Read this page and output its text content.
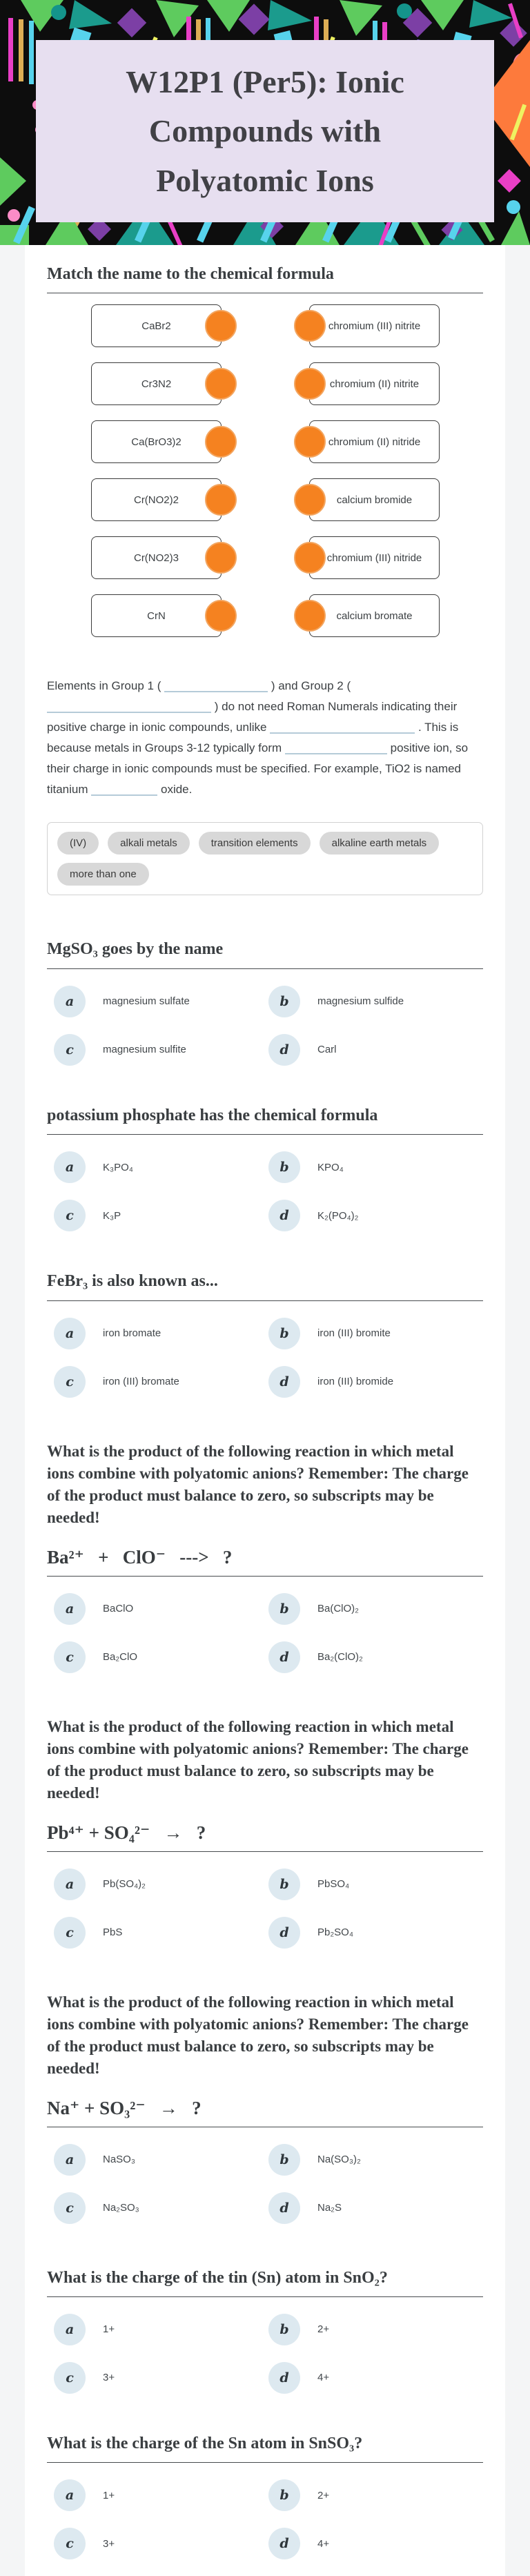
W12P1 (Per5): Ionic
Compounds with
Polyatomic Ions
Match the name to the chemical formula
CaBr2	chromium (III) nitrite
Cr3N2	chromium (II) nitrite
Ca(BrO3)2	chromium (II) nitride
Cr(NO2)2	calcium bromide
Cr(NO2)3	chromium (III) nitride
CrN	calcium bromate

Elements in Group 1 (	) and Group 2 (  ) do not need Roman Numerals indicating their positive charge in ionic compounds, unlike	. This is because metals in Groups 3-12 typically form	positive ion, so their charge in ionic compounds must be specified. For example, TiO2 is named titanium	oxide.

(IV)	alkali metals	transition elements	alkaline earth metals
more than one
MgSO₃ goes by the name
a	magnesium sulfate	b	magnesium sulfide
c	magnesium sulfite	d	Carl
potassium phosphate has the chemical formula
a	K₃PO₄	b	KPO₄
c	K₃P	d	K₂(PO₄)₂
FeBr₃ is also known as...
a	iron bromate	b	iron (III) bromite
c	iron (III) bromate	d	iron (III) bromide

What is the product of the following reaction in which metal ions combine with polyatomic anions? Remember: The charge of the product must balance to zero, so subscripts may be needed!

Ba²⁺   +   ClO⁻   --->   ?
a	BaClO	b	Ba(ClO)₂
c	Ba₂ClO	d	Ba₂(ClO)₂

What is the product of the following reaction in which metal ions combine with polyatomic anions? Remember: The charge of the product must balance to zero, so subscripts may be needed!

Pb⁴⁺ + SO₄²⁻   →   ?
a	Pb(SO₄)₂	b	PbSO₄
c	PbS	d	Pb₂SO₄

What is the product of the following reaction in which metal ions combine with polyatomic anions? Remember: The charge of the product must balance to zero, so subscripts may be needed!

Na⁺ + SO₃²⁻   →   ?
a	NaSO₃	b	Na(SO₃)₂
c	Na₂SO₃	d	Na₂S
What is the charge of the tin (Sn) atom in SnO₂?
a	1+	b	2+
c	3+	d	4+
What is the charge of the Sn atom in SnSO₃?
a	1+	b	2+
c	3+	d	4+
